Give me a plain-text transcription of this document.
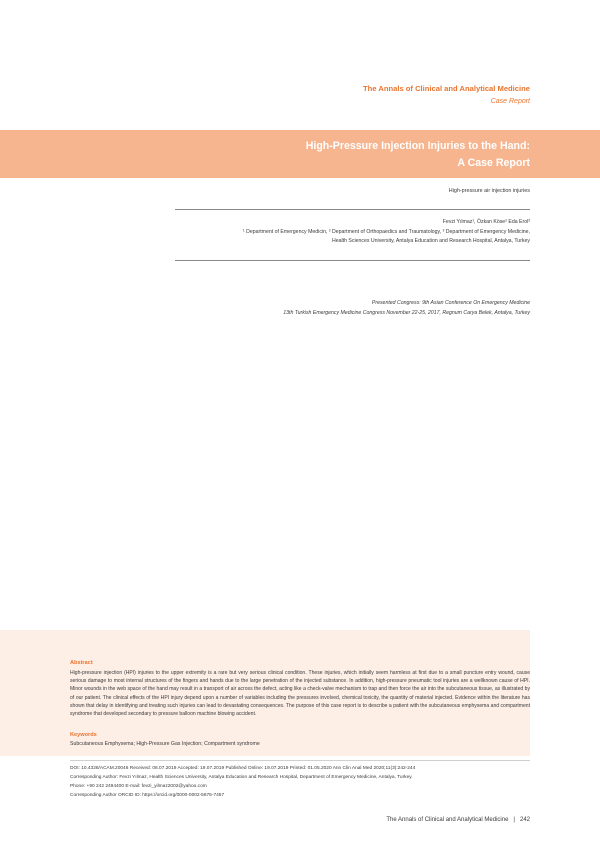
The Annals of Clinical and Analytical Medicine
Case Report
High-Pressure Injection Injuries to the Hand:
A Case Report
High-pressure air injection injuries
Fevzi Yılmaz¹, Özkan Köse² Eda Erol³
¹ Department of Emergency Medicin, ² Department of Orthopaedics and Traumatology, ³ Department of Emergency Medicine,
Health Sciences University, Antalya Education and Research Hospital, Antalya, Turkey
Presented Congress: 9th Asian Conference On Emergency Medicine
13th Turkish Emergency Medicine Congress November 22-25, 2017, Regnum Carya Belek, Antalya, Turkey
Abstract
High-pressure injection (HPI) injuries to the upper extremity is a rare but very serious clinical condition. These injuries, which initially seem harmless at first due to a small puncture entry wound, cause serious damage to most internal structures of the fingers and hands due to the large penetration of the injected substance. In addition, high-pressure pneumatic tool injuries are a wellknown cause of HPI. Minor wounds in the web space of the hand may result in a transport of air across the defect, acting like a check-valve mechanism to trap and then force the air into the subcutaneous tissue, as illustrated by of our patient. The clinical effects of the HPI injury depend upon a number of variables including the pressures involved, chemical toxicity, the quantity of material injected. Evidence within the literature has shown that delay in identifying and treating such injuries can lead to devastating consequences. The purpose of this case report is to describe a patient with the subcutaneous emphysema and compartment syndrome that developed secondary to pressure balloon machine blowing accident.
Keywords
Subcutaneous Emphysema; High-Pressure Gas Injection; Compartment syndrome
DOI: 10.4328/ACAM.20046 Received: 08.07.2019 Accepted: 19.07.2019 Published Online: 19.07.2019 Printed: 01.05.2020 Ann Clin Anal Med 2020;11(3):242-244
Corresponding Author: Fevzi Yılmaz, Health Sciences University, Antalya Education and Research Hospital, Department of Emergency Medicine, Antalya, Turkey.
Phone: +90 242 2494400 E-mail: fevzi_yilmaz2002@yahoo.com
Corresponding Author ORCID ID: https://orcid.org/0000-0002-5675-7457
The Annals of Clinical and Analytical Medicine | 242
